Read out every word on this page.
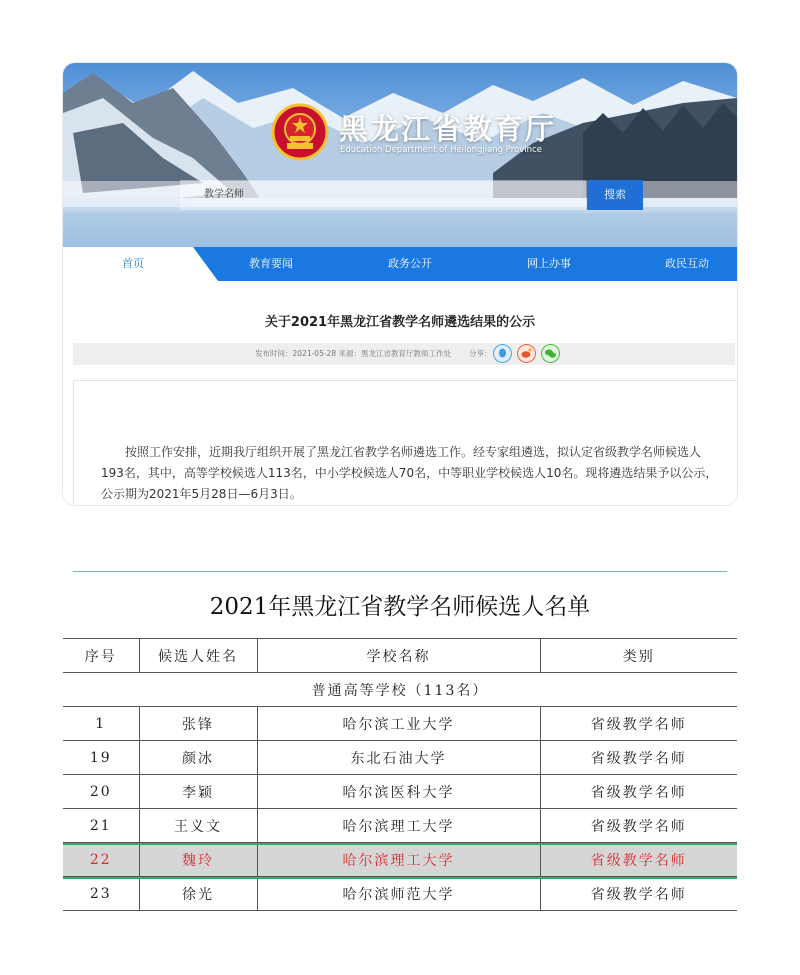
黑龙江省教育厅
Education Department of Heilongjiang Province
教学名师	搜索
首页	教育要闻	政务公开	网上办事	政民互动
关于2021年黑龙江省教学名师遴选结果的公示
发布时间：2021-05-28 来源：黑龙江省教育厅教师工作处 分享：
按照工作安排，近期我厅组织开展了黑龙江省教学名师遴选工作。经专家组遴选，拟认定省级教学名师候选人193名，其中，高等学校候选人113名，中小学校候选人70名，中等职业学校候选人10名。现将遴选结果予以公示，公示期为2021年5月28日—6月3日。
2021年黑龙江省教学名师候选人名单
序号	候选人姓名	学校名称	类别
普通高等学校（113名）			
1	张锋	哈尔滨工业大学	省级教学名师
19	颜冰	东北石油大学	省级教学名师
20	李颖	哈尔滨医科大学	省级教学名师
21	王义文	哈尔滨理工大学	省级教学名师
22	魏玲	哈尔滨理工大学	省级教学名师
23	徐光	哈尔滨师范大学	省级教学名师
